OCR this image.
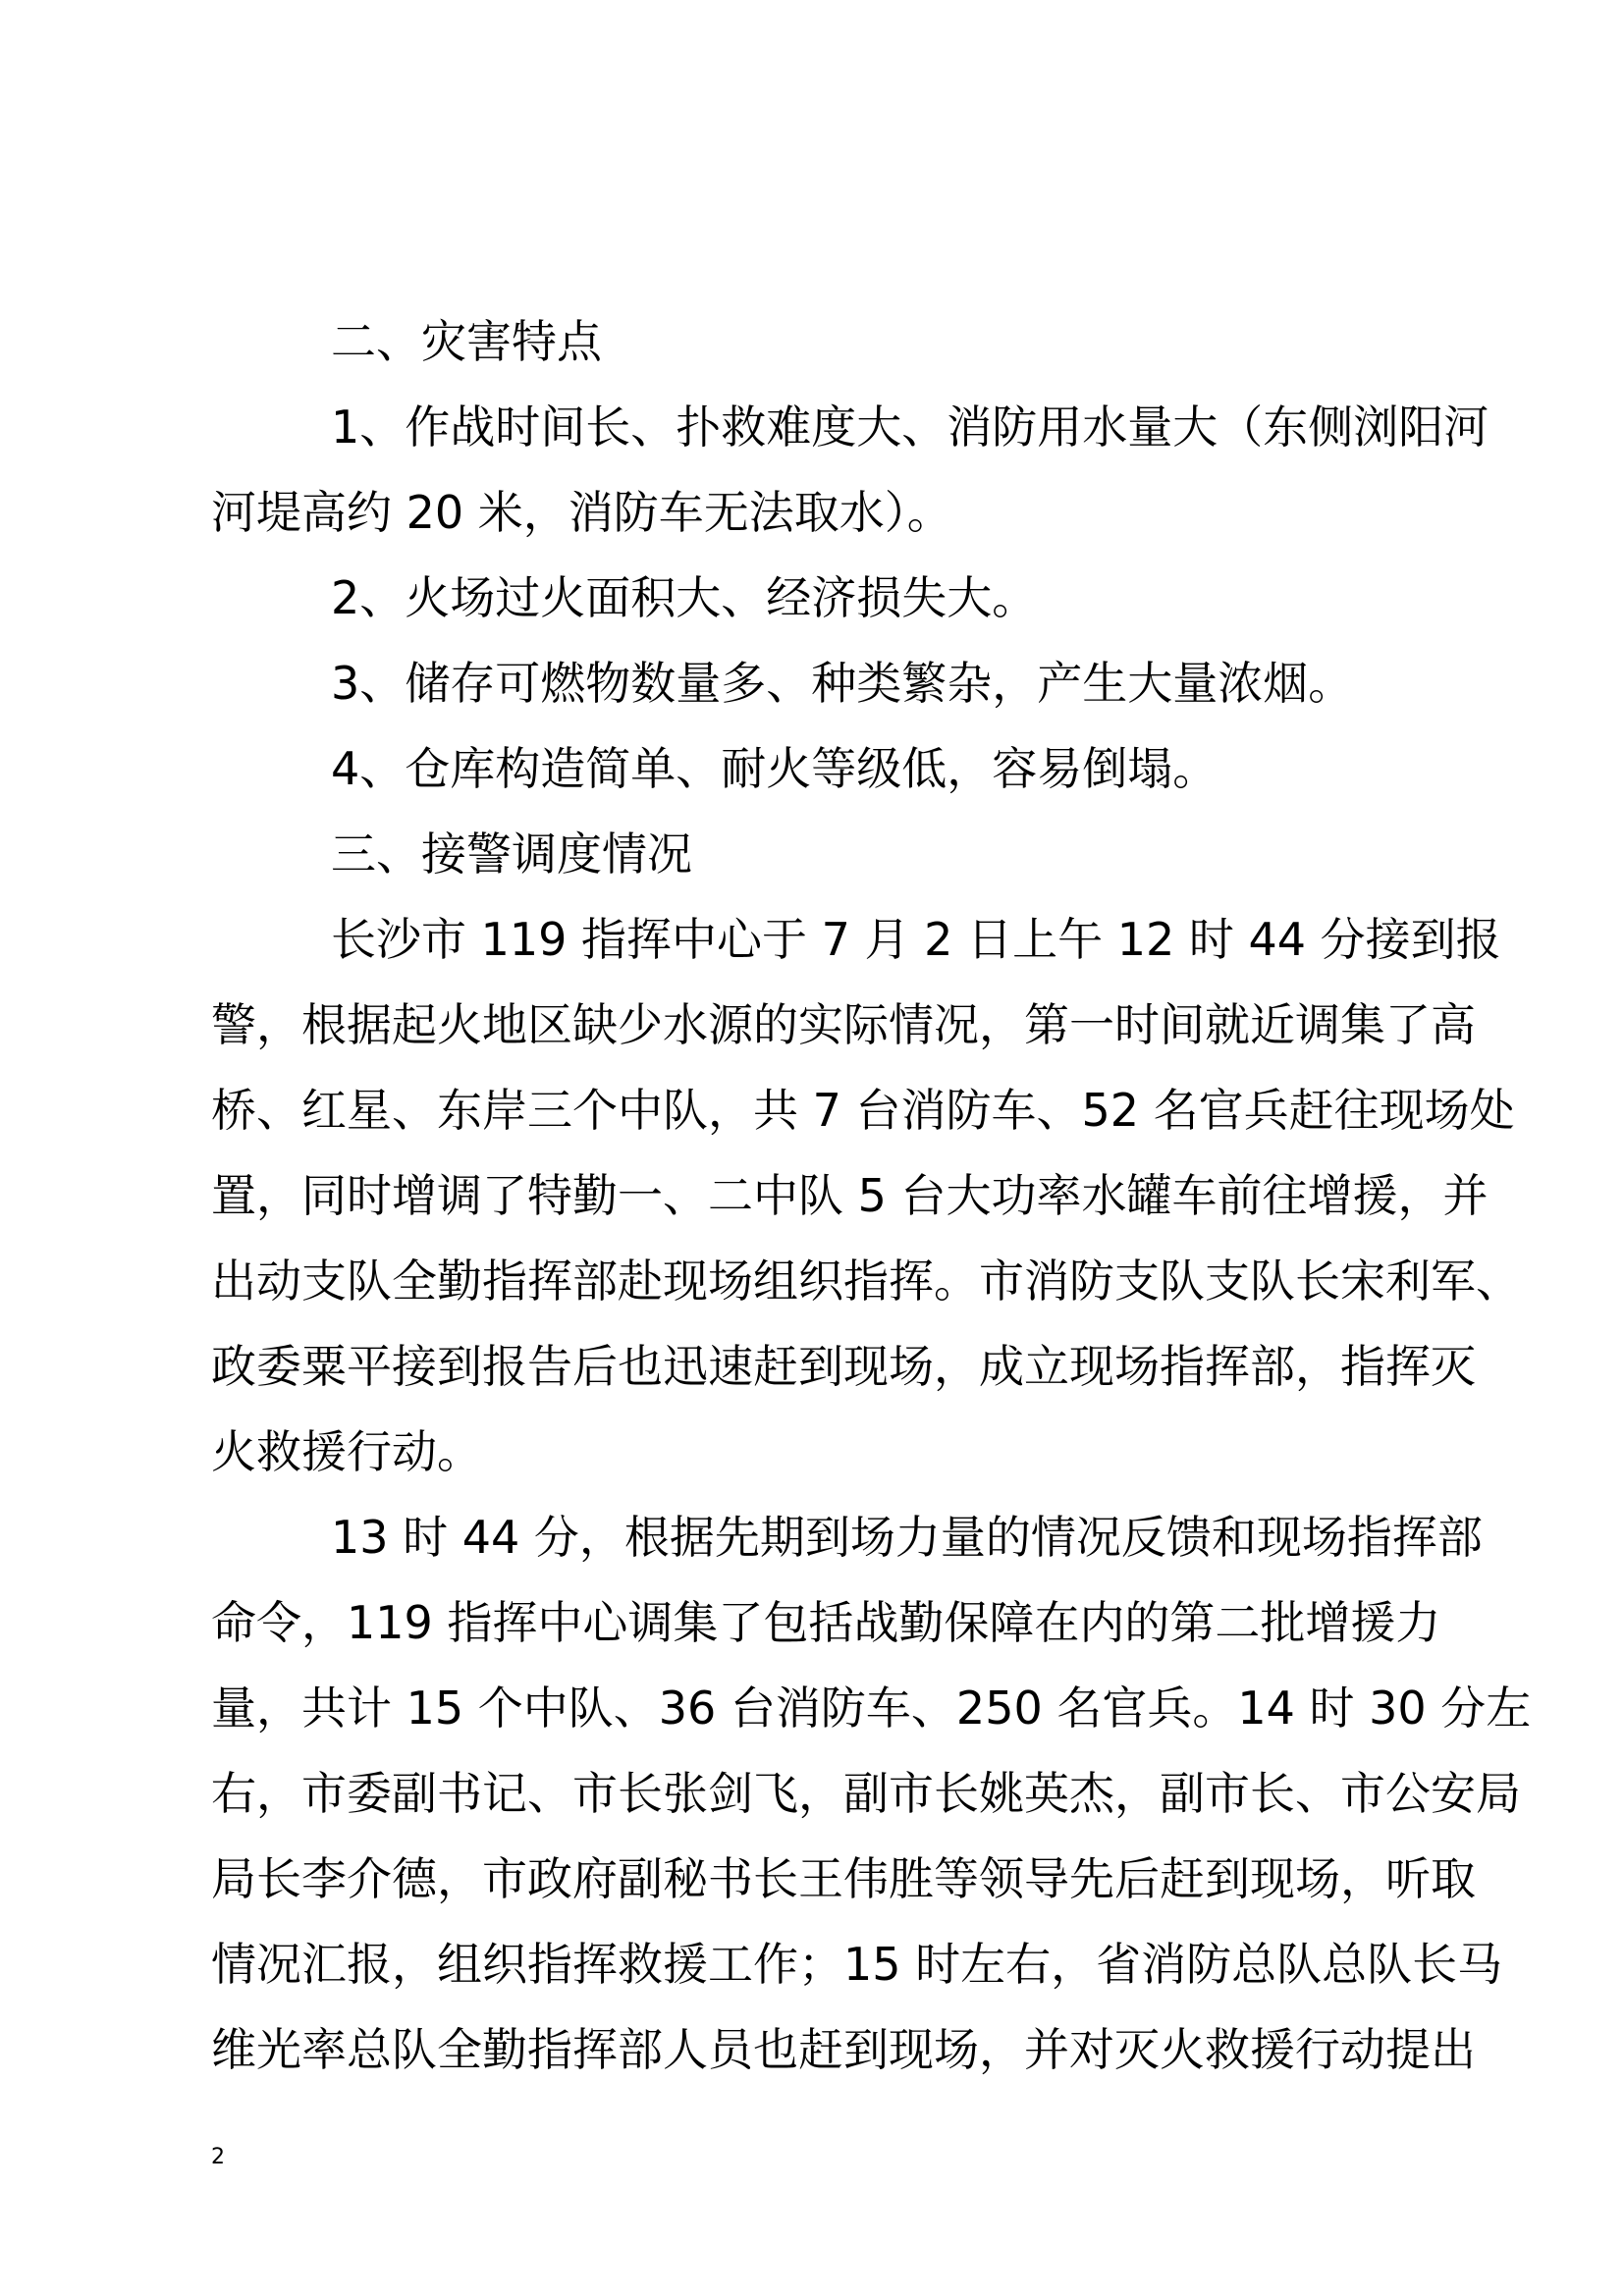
二、灾害特点
1、作战时间长、扑救难度大、消防用水量大（东侧浏阳河
河堤高约 20 米，消防车无法取水）。
2、火场过火面积大、经济损失大。
3、储存可燃物数量多、种类繁杂，产生大量浓烟。
4、仓库构造简单、耐火等级低，容易倒塌。
三、接警调度情况
长沙市 119 指挥中心于 7 月 2 日上午 12 时 44 分接到报
警，根据起火地区缺少水源的实际情况，第一时间就近调集了高
桥、红星、东岸三个中队，共 7 台消防车、52 名官兵赶往现场处
置，同时增调了特勤一、二中队 5 台大功率水罐车前往增援，并
出动支队全勤指挥部赴现场组织指挥。市消防支队支队长宋利军、
政委粟平接到报告后也迅速赶到现场，成立现场指挥部，指挥灭
火救援行动。
13 时 44 分，根据先期到场力量的情况反馈和现场指挥部
命令，119 指挥中心调集了包括战勤保障在内的第二批增援力
量，共计 15 个中队、36 台消防车、250 名官兵。14 时 30 分左
右，市委副书记、市长张剑飞，副市长姚英杰，副市长、市公安局
局长李介德，市政府副秘书长王伟胜等领导先后赶到现场，听取
情况汇报，组织指挥救援工作；15 时左右，省消防总队总队长马
维光率总队全勤指挥部人员也赶到现场，并对灭火救援行动提出
2
